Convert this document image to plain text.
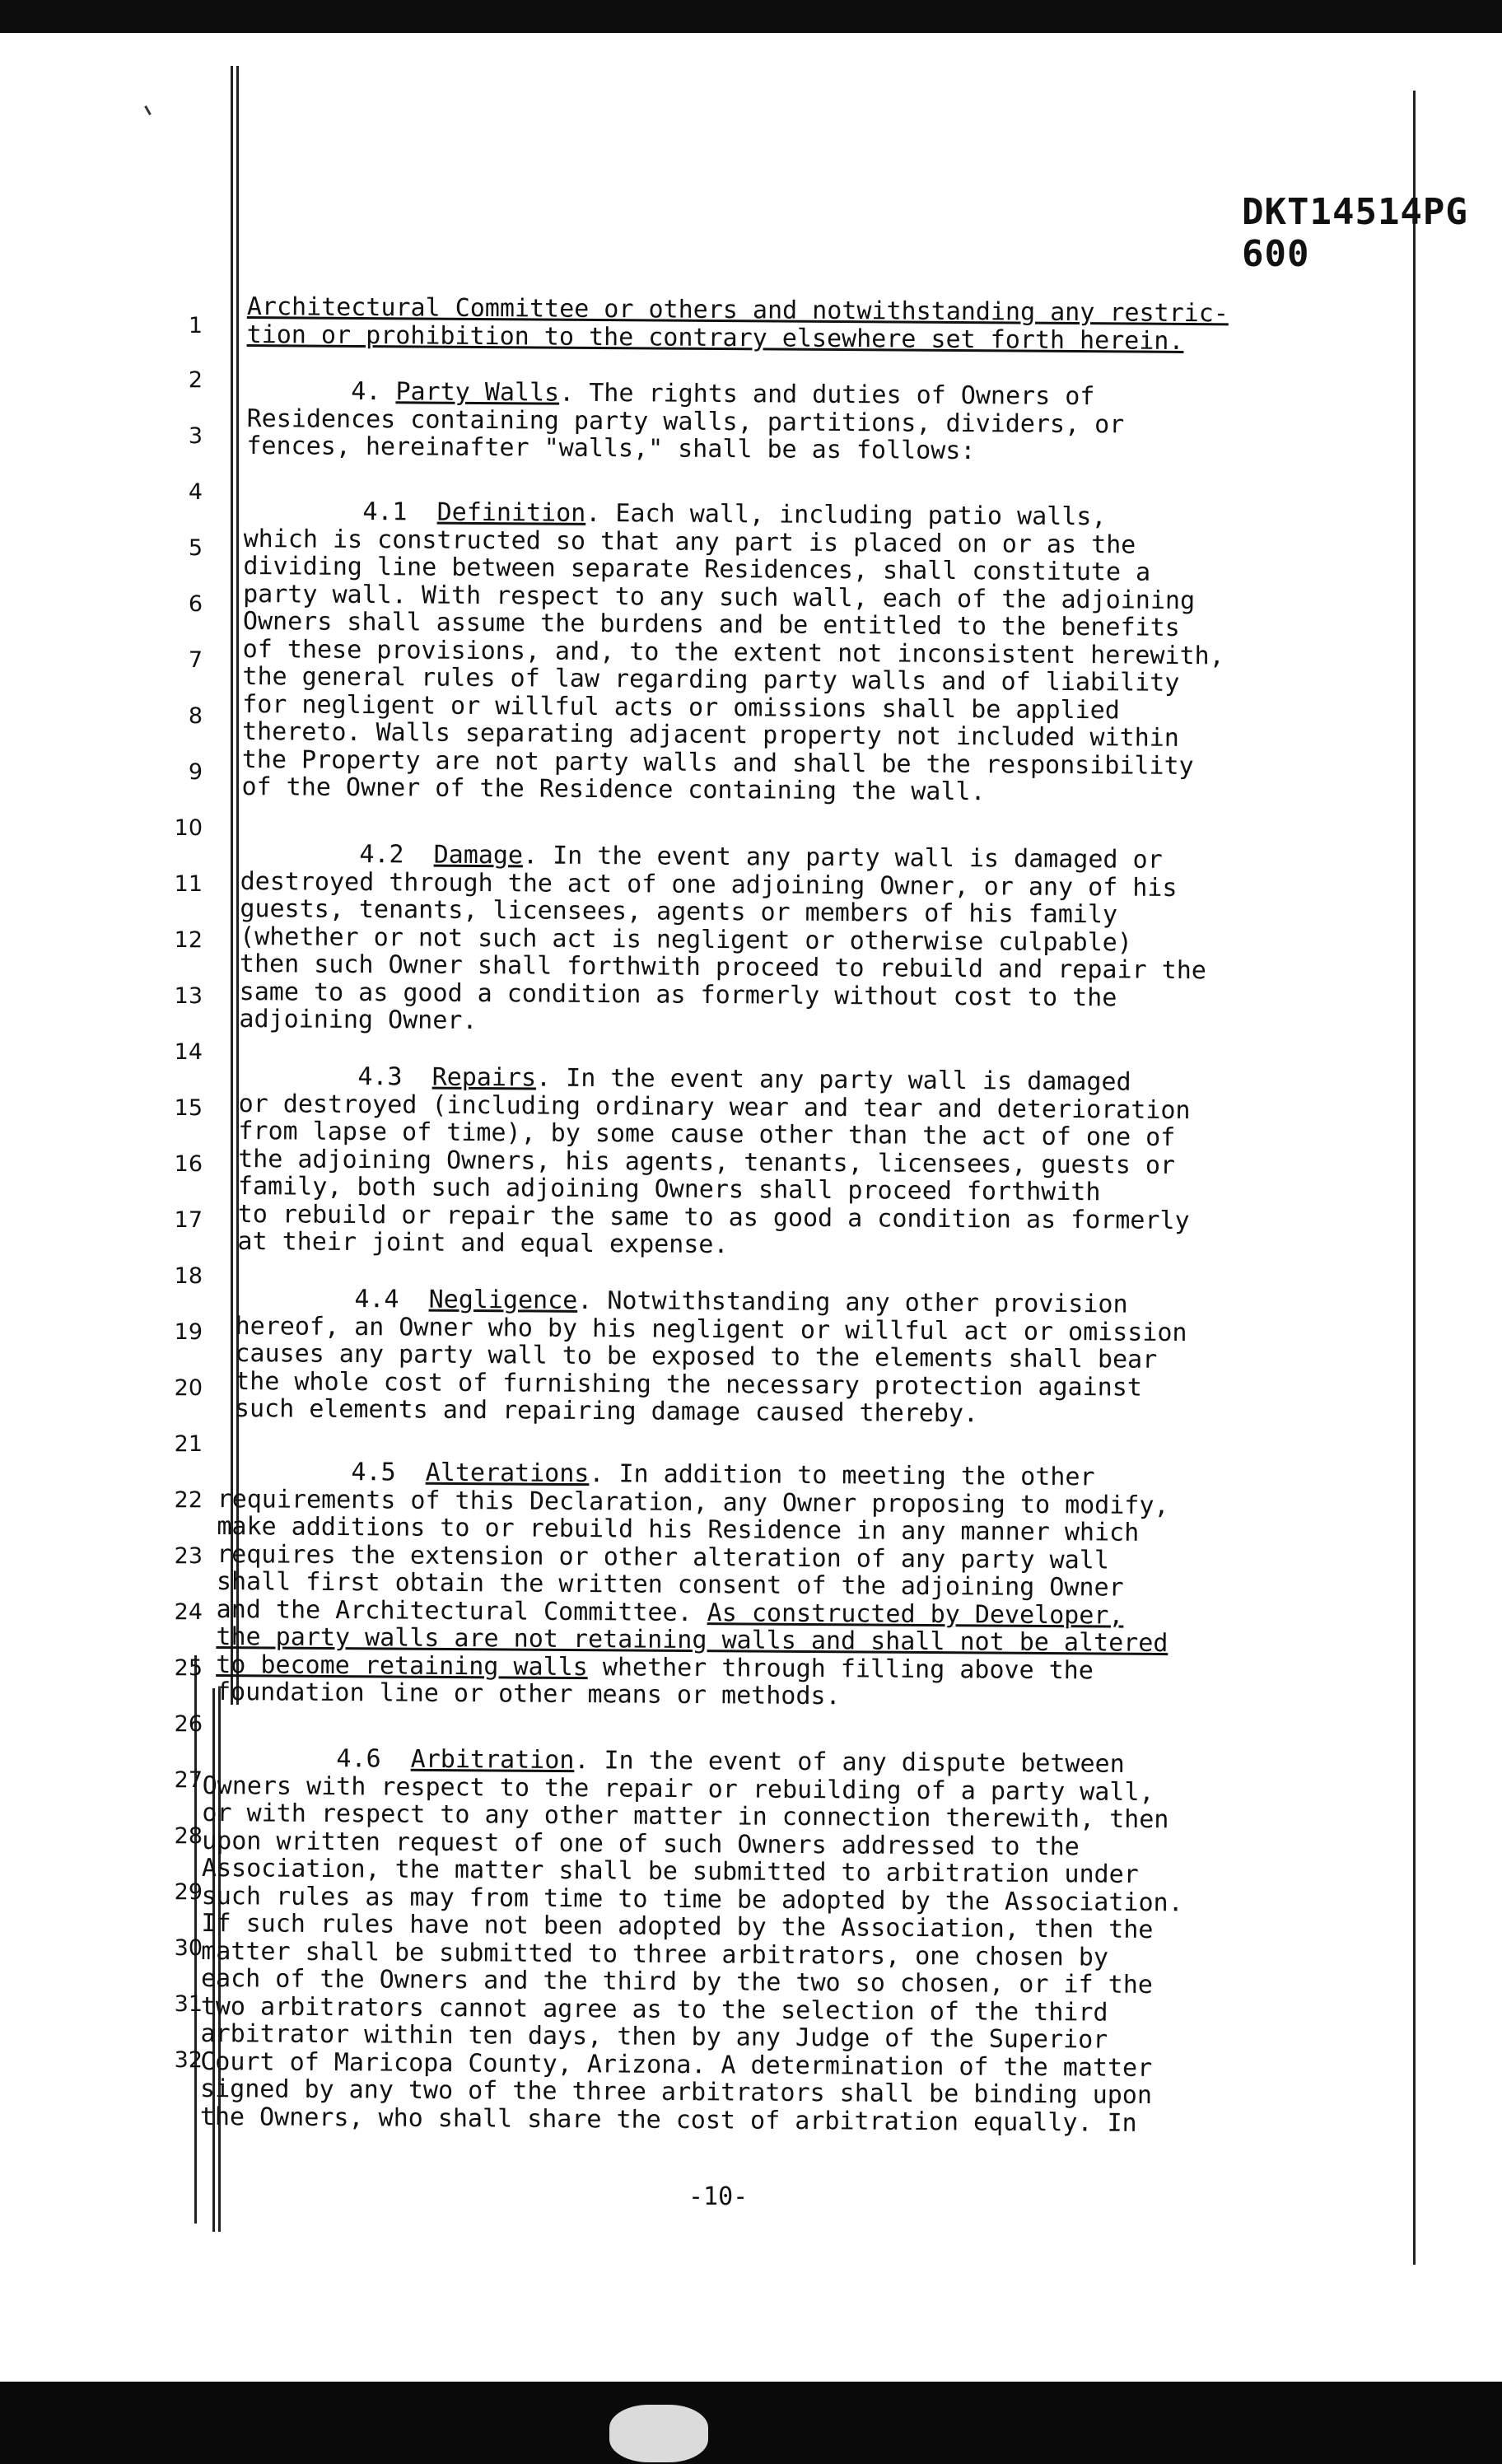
DKT14514PG 600
1
2
3
4
5
6
7
8
9
10
11
12
13
14
15
16
17
18
19
20
21
22
23
24
25
26
27
28
29
30
31
32
Architectural Committee or others and notwithstanding any restric-
tion or prohibition to the contrary elsewhere set forth herein.
4. Party Walls. The rights and duties of Owners of
Residences containing party walls, partitions, dividers, or
fences, hereinafter "walls," shall be as follows:
4.1 Definition. Each wall, including patio walls,
which is constructed so that any part is placed on or as the
dividing line between separate Residences, shall constitute a
party wall. With respect to any such wall, each of the adjoining
Owners shall assume the burdens and be entitled to the benefits
of these provisions, and, to the extent not inconsistent herewith,
the general rules of law regarding party walls and of liability
for negligent or willful acts or omissions shall be applied
thereto. Walls separating adjacent property not included within
the Property are not party walls and shall be the responsibility
of the Owner of the Residence containing the wall.
4.2 Damage. In the event any party wall is damaged or
destroyed through the act of one adjoining Owner, or any of his
guests, tenants, licensees, agents or members of his family
(whether or not such act is negligent or otherwise culpable)
then such Owner shall forthwith proceed to rebuild and repair the
same to as good a condition as formerly without cost to the
adjoining Owner.
4.3 Repairs. In the event any party wall is damaged
or destroyed (including ordinary wear and tear and deterioration
from lapse of time), by some cause other than the act of one of
the adjoining Owners, his agents, tenants, licensees, guests or
family, both such adjoining Owners shall proceed forthwith
to rebuild or repair the same to as good a condition as formerly
at their joint and equal expense.
4.4 Negligence. Notwithstanding any other provision
hereof, an Owner who by his negligent or willful act or omission
causes any party wall to be exposed to the elements shall bear
the whole cost of furnishing the necessary protection against
such elements and repairing damage caused thereby.
4.5 Alterations. In addition to meeting the other
requirements of this Declaration, any Owner proposing to modify,
make additions to or rebuild his Residence in any manner which
requires the extension or other alteration of any party wall
shall first obtain the written consent of the adjoining Owner
and the Architectural Committee. As constructed by Developer,
the party walls are not retaining walls and shall not be altered
to become retaining walls whether through filling above the
foundation line or other means or methods.
4.6 Arbitration. In the event of any dispute between
Owners with respect to the repair or rebuilding of a party wall,
or with respect to any other matter in connection therewith, then
upon written request of one of such Owners addressed to the
Association, the matter shall be submitted to arbitration under
such rules as may from time to time be adopted by the Association.
If such rules have not been adopted by the Association, then the
matter shall be submitted to three arbitrators, one chosen by
each of the Owners and the third by the two so chosen, or if the
two arbitrators cannot agree as to the selection of the third
arbitrator within ten days, then by any Judge of the Superior
Court of Maricopa County, Arizona. A determination of the matter
signed by any two of the three arbitrators shall be binding upon
the Owners, who shall share the cost of arbitration equally. In
-10-
